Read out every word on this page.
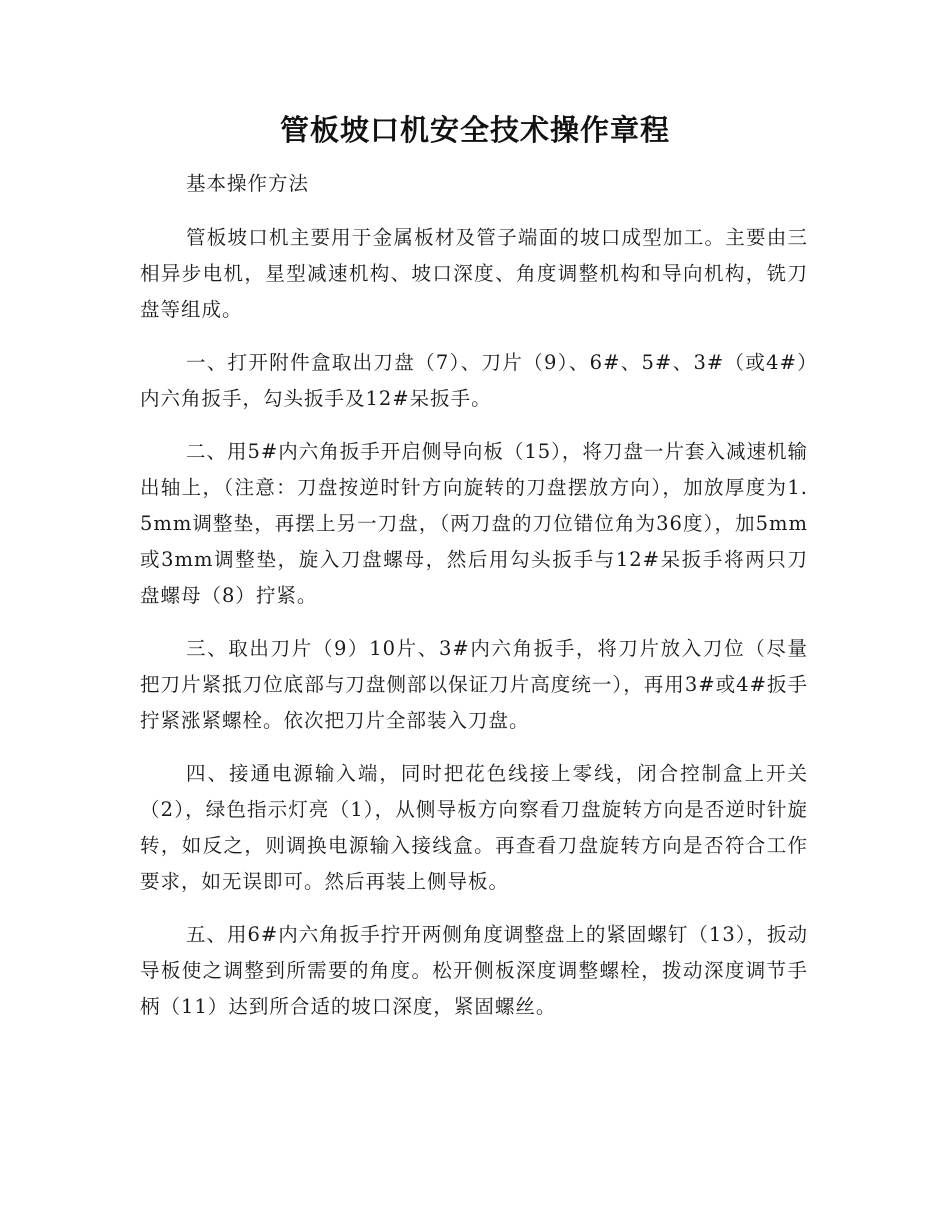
管板坡口机安全技术操作章程

基本操作方法

管板坡口机主要用于金属板材及管子端面的坡口成型加工。主要由三相异步电机，星型减速机构、坡口深度、角度调整机构和导向机构，铣刀盘等组成。

一、打开附件盒取出刀盘（7）、刀片（9）、6#、5#、3#（或4#）内六角扳手，勾头扳手及12#呆扳手。

二、用5#内六角扳手开启侧导向板（15），将刀盘一片套入减速机输出轴上，（注意：刀盘按逆时针方向旋转的刀盘摆放方向），加放厚度为1.5mm调整垫，再摆上另一刀盘，（两刀盘的刀位错位角为36度），加5mm或3mm调整垫，旋入刀盘螺母，然后用勾头扳手与12#呆扳手将两只刀盘螺母（8）拧紧。

三、取出刀片（9）10片、3#内六角扳手，将刀片放入刀位（尽量把刀片紧抵刀位底部与刀盘侧部以保证刀片高度统一），再用3#或4#扳手拧紧涨紧螺栓。依次把刀片全部装入刀盘。

四、接通电源输入端，同时把花色线接上零线，闭合控制盒上开关（2），绿色指示灯亮（1），从侧导板方向察看刀盘旋转方向是否逆时针旋转，如反之，则调换电源输入接线盒。再查看刀盘旋转方向是否符合工作要求，如无误即可。然后再装上侧导板。

五、用6#内六角扳手拧开两侧角度调整盘上的紧固螺钉（13），扳动导板使之调整到所需要的角度。松开侧板深度调整螺栓，拨动深度调节手柄（11）达到所合适的坡口深度，紧固螺丝。
